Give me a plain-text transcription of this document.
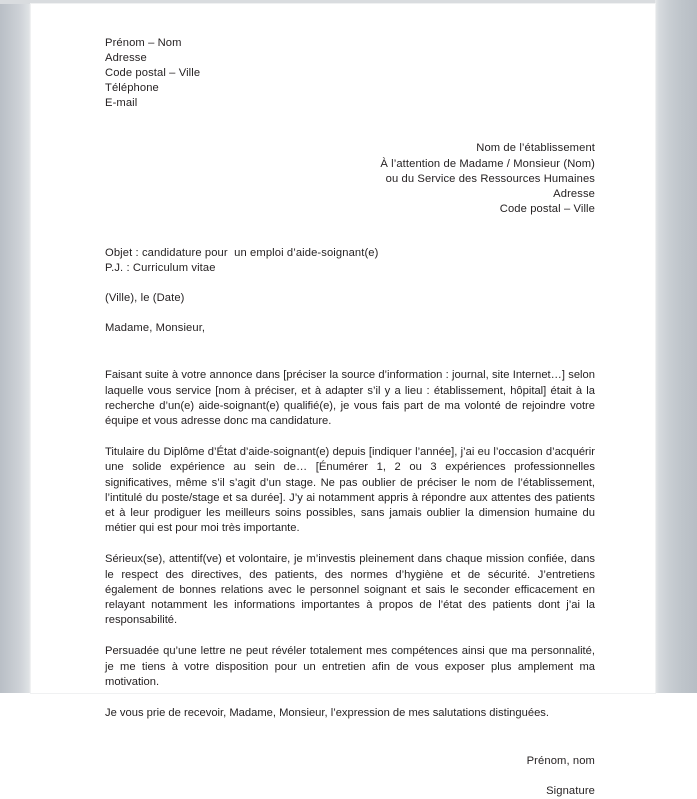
Prénom – Nom
Adresse
Code postal – Ville
Téléphone
E-mail
Nom de l’établissement
À l’attention de Madame / Monsieur (Nom)
ou du Service des Ressources Humaines
Adresse
Code postal – Ville
Objet : candidature pour  un emploi d’aide-soignant(e)
P.J. : Curriculum vitae
(Ville), le (Date)
Madame, Monsieur,

Faisant suite à votre annonce dans [préciser la source d’information : journal, site Internet…] selon laquelle vous service [nom à préciser, et à adapter s’il y a lieu : établissement, hôpital] était à la recherche d’un(e) aide-soignant(e) qualifié(e), je vous fais part de ma volonté de rejoindre votre équipe et vous adresse donc ma candidature.

Titulaire du Diplôme d’État d’aide-soignant(e) depuis [indiquer l’année], j’ai eu l’occasion d’acquérir une solide expérience au sein de… [Énumérer 1, 2 ou 3 expériences professionnelles significatives, même s’il s’agit d’un stage. Ne pas oublier de préciser le nom de l’établissement, l’intitulé du poste/stage et sa durée]. J’y ai notamment appris à répondre aux attentes des patients et à leur prodiguer les meilleurs soins possibles, sans jamais oublier la dimension humaine du métier qui est pour moi très importante.

Sérieux(se), attentif(ve) et volontaire, je m’investis pleinement dans chaque mission confiée, dans le respect des directives, des patients, des normes d’hygiène et de sécurité. J’entretiens également de bonnes relations avec le personnel soignant et sais le seconder efficacement en relayant notamment les informations importantes à propos de l’état des patients dont j’ai la responsabilité.

Persuadée qu’une lettre ne peut révéler totalement mes compétences ainsi que ma personnalité, je me tiens à votre disposition pour un entretien afin de vous exposer plus amplement ma motivation.

Je vous prie de recevoir, Madame, Monsieur, l’expression de mes salutations distinguées.

Prénom, nom
Signature
